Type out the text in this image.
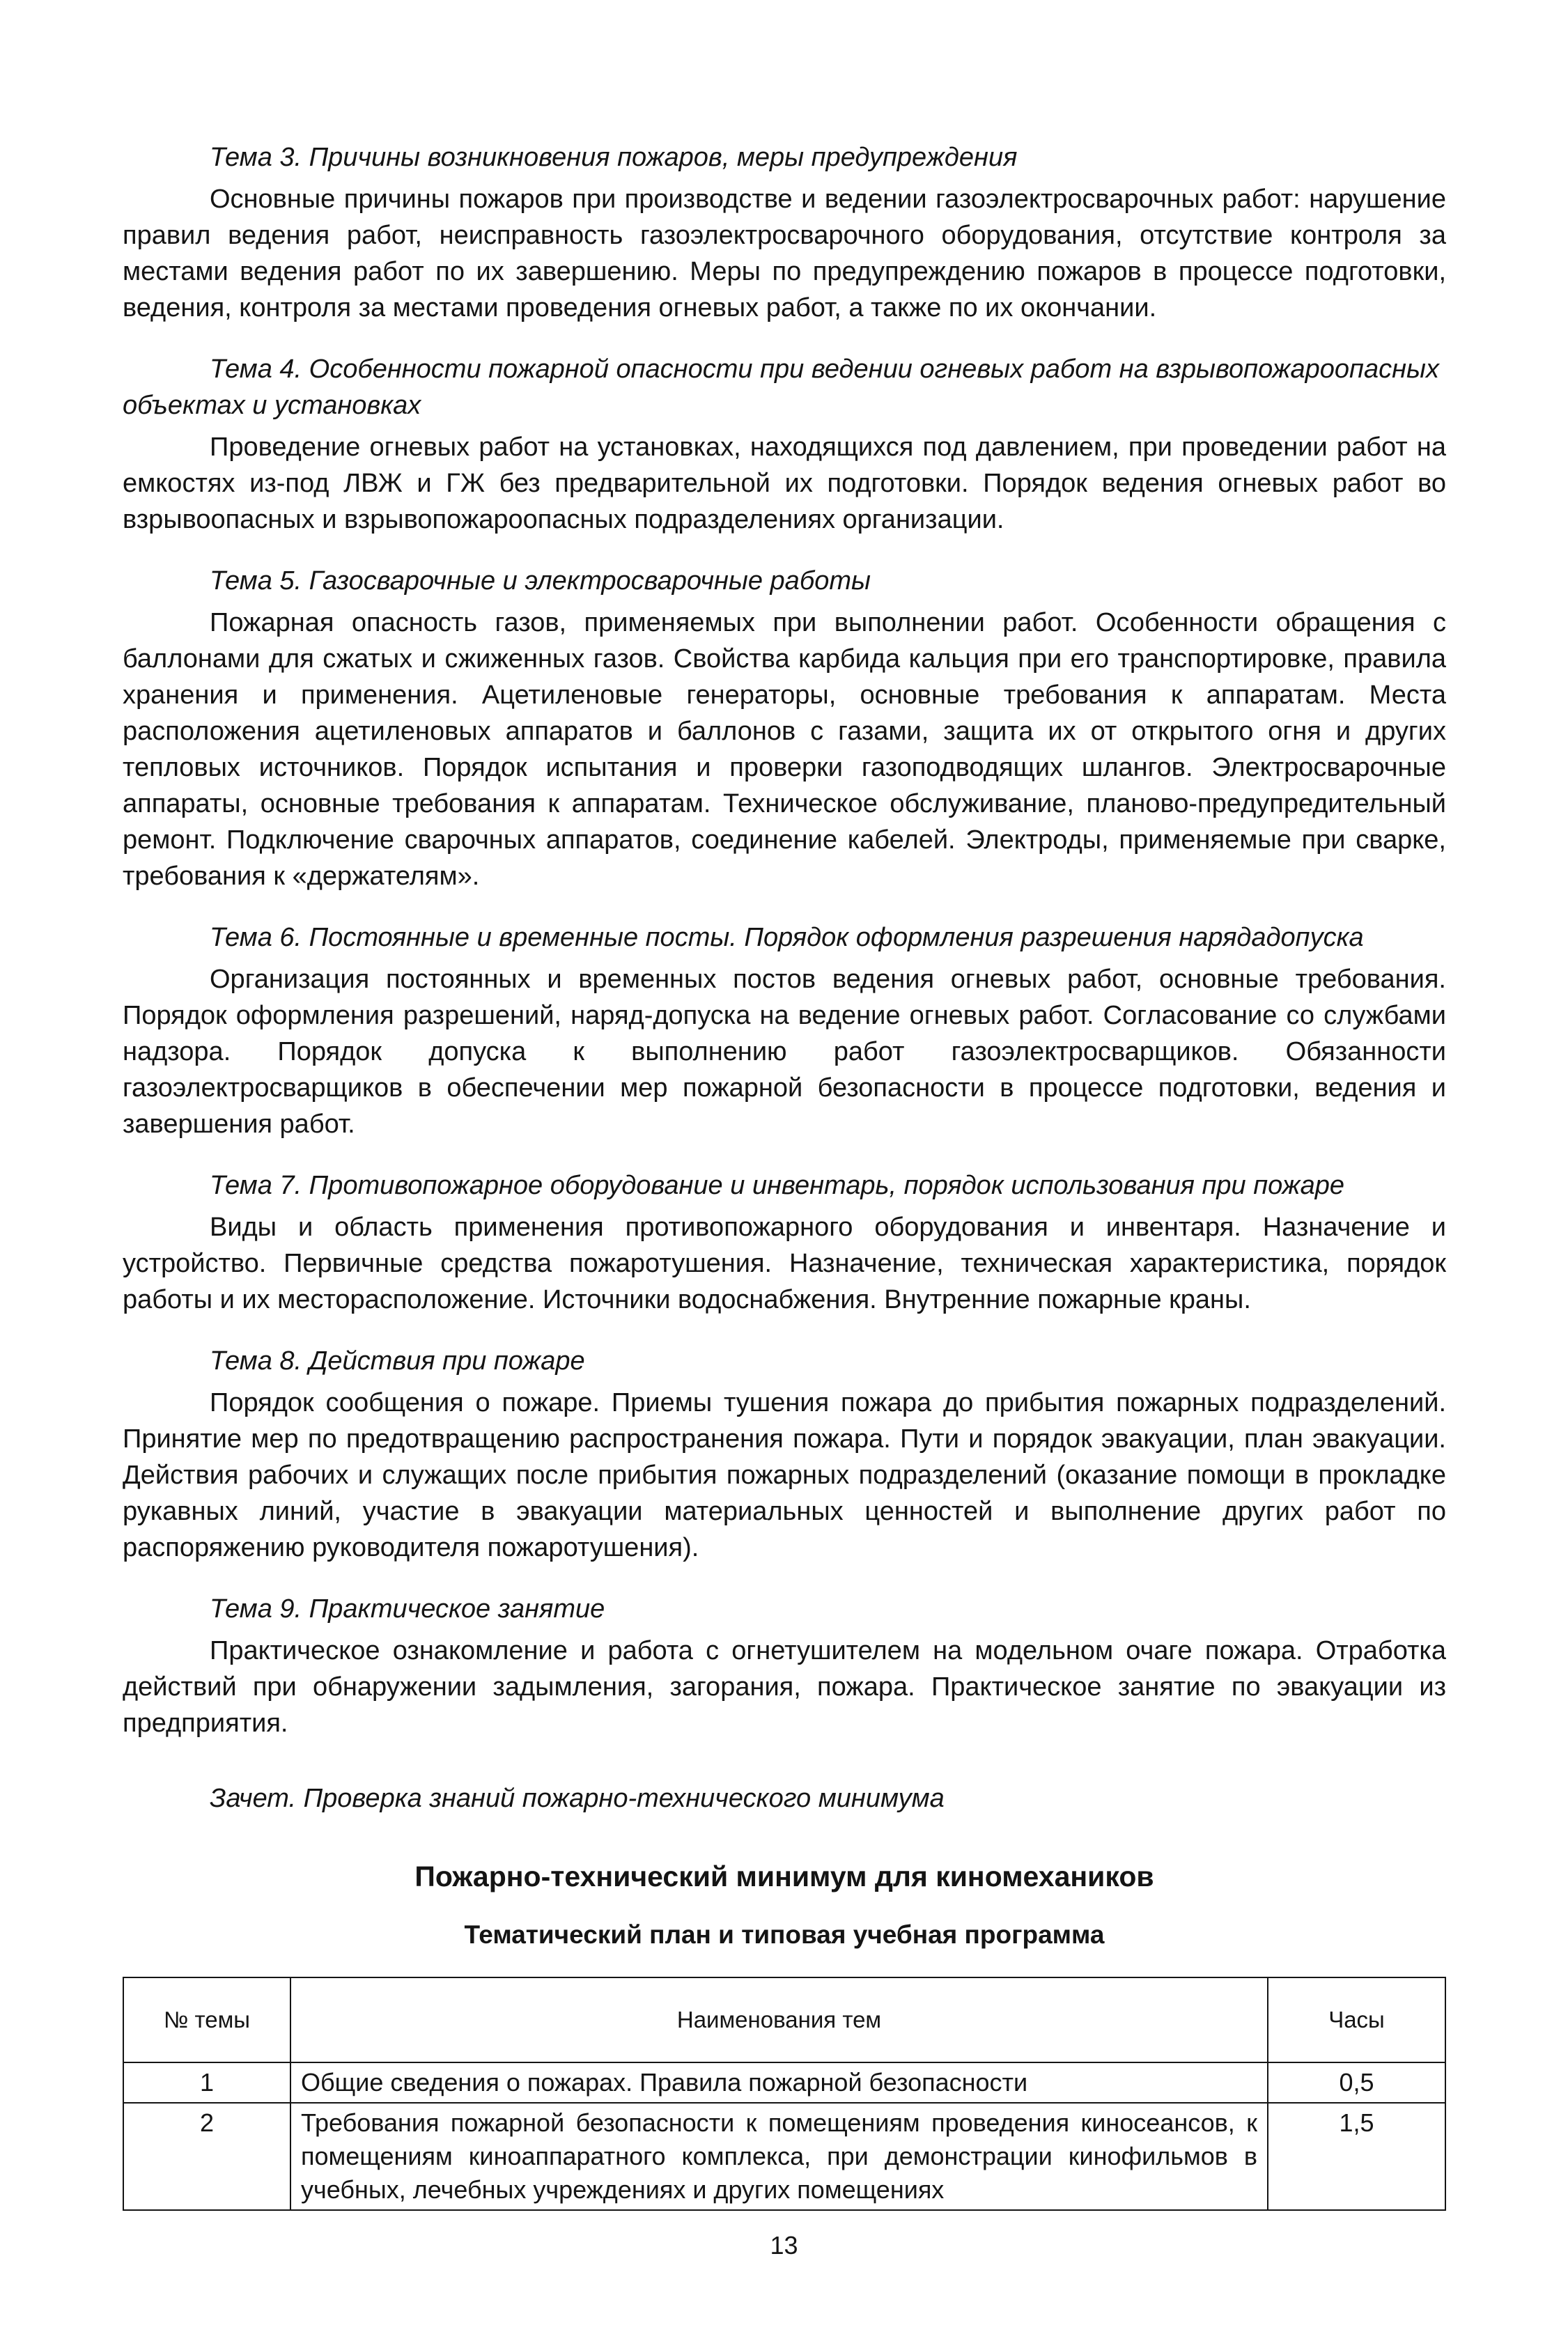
Тема 3. Причины возникновения пожаров, меры предупреждения

Основные причины пожаров при производстве и ведении газоэлектросварочных работ: нарушение правил ведения работ, неисправность газоэлектросварочного оборудования, отсутствие контроля за местами ведения работ по их завершению. Меры по предупреждению пожаров в процессе подготовки, ведения, контроля за местами проведения огневых работ, а также по их окончании.

Тема 4. Особенности пожарной опасности при ведении огневых работ на взрывопожароопасных объектах и установках

Проведение огневых работ на установках, находящихся под давлением, при проведении работ на емкостях из-под ЛВЖ и ГЖ без предварительной их подготовки. Порядок ведения огневых работ во взрывоопасных и взрывопожароопасных подразделениях организации.

Тема 5. Газосварочные и электросварочные работы

Пожарная опасность газов, применяемых при выполнении работ. Особенности обращения с баллонами для сжатых и сжиженных газов. Свойства карбида кальция при его транспортировке, правила хранения и применения. Ацетиленовые генераторы, основные требования к аппаратам. Места расположения ацетиленовых аппаратов и баллонов с газами, защита их от открытого огня и других тепловых источников. Порядок испытания и проверки газоподводящих шлангов. Электросварочные аппараты, основные требования к аппаратам. Техническое обслуживание, планово-предупредительный ремонт. Подключение сварочных аппаратов, соединение кабелей. Электроды, применяемые при сварке, требования к «держателям».

Тема 6. Постоянные и временные посты. Порядок оформления разрешения нарядадопуска

Организация постоянных и временных постов ведения огневых работ, основные требования. Порядок оформления разрешений, наряд-допуска на ведение огневых работ. Согласование со службами надзора. Порядок допуска к выполнению работ газоэлектросварщиков. Обязанности газоэлектросварщиков в обеспечении мер пожарной безопасности в процессе подготовки, ведения и завершения работ.

Тема 7. Противопожарное оборудование и инвентарь, порядок использования при пожаре

Виды и область применения противопожарного оборудования и инвентаря. Назначение и устройство. Первичные средства пожаротушения. Назначение, техническая характеристика, порядок работы и их месторасположение. Источники водоснабжения. Внутренние пожарные краны.

Тема 8. Действия при пожаре

Порядок сообщения о пожаре. Приемы тушения пожара до прибытия пожарных подразделений. Принятие мер по предотвращению распространения пожара. Пути и порядок эвакуации, план эвакуации. Действия рабочих и служащих после прибытия пожарных подразделений (оказание помощи в прокладке рукавных линий, участие в эвакуации материальных ценностей и выполнение других работ по распоряжению руководителя пожаротушения).

Тема 9. Практическое занятие

Практическое ознакомление и работа с огнетушителем на модельном очаге пожара. Отработка действий при обнаружении задымления, загорания, пожара. Практическое занятие по эвакуации из предприятия.

Зачет. Проверка знаний пожарно-технического минимума

Пожарно-технический минимум для киномехаников
Тематический план и типовая учебная программа
№ темы	Наименования тем	Часы
1	Общие сведения о пожарах. Правила пожарной безопасности	0,5
2	Требования пожарной безопасности к помещениям проведения киносеансов, к помещениям киноаппаратного комплекса, при демонстрации кинофильмов в учебных, лечебных учреждениях и других помещениях	1,5
13
